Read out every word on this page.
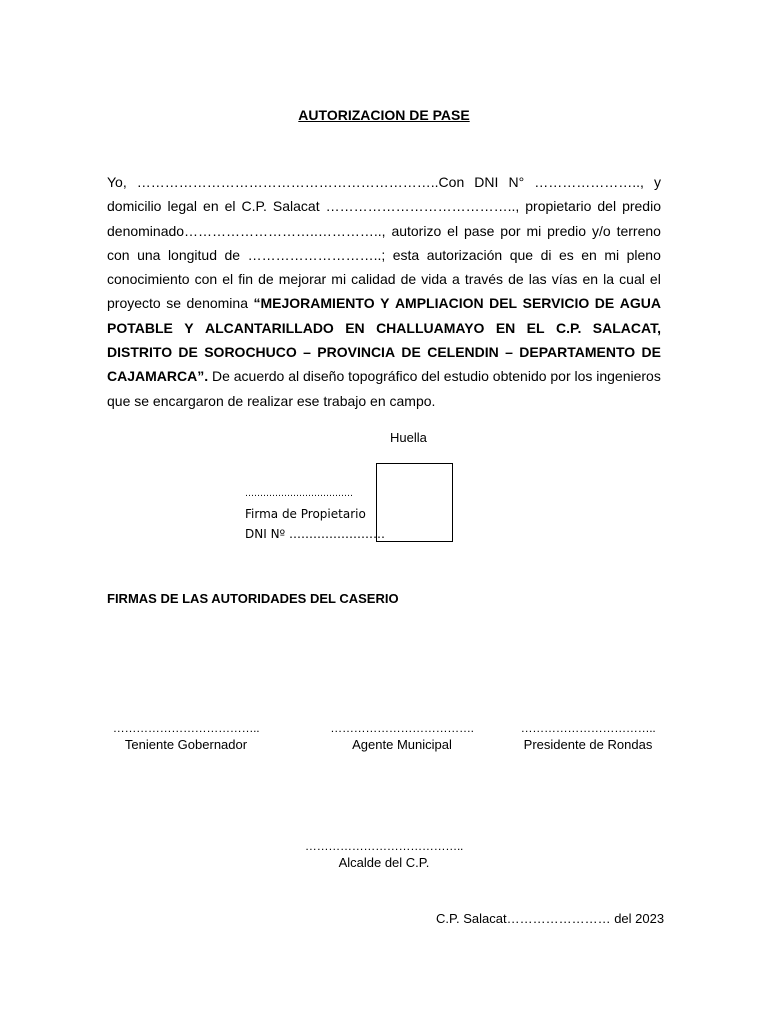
AUTORIZACION DE PASE
Yo, ………………………………………………………..Con DNI N° ………………….., y
domicilio legal en el C.P. Salacat ………………………………….., propietario del predio
denominado………………………..………….., autorizo el pase por mi predio y/o terreno
con una longitud de ………………………..; esta autorización que di es en mi pleno
conocimiento con el fin de mejorar mi calidad de vida a través de las vías en la cual el
proyecto se denomina “MEJORAMIENTO Y AMPLIACION DEL SERVICIO DE AGUA
POTABLE Y ALCANTARILLADO EN CHALLUAMAYO EN EL C.P. SALACAT,
DISTRITO DE SOROCHUCO – PROVINCIA DE CELENDIN – DEPARTAMENTO DE
CAJAMARCA”. De acuerdo al diseño topográfico del estudio obtenido por los ingenieros
que se encargaron de realizar ese trabajo en campo.
Huella
………………………………
Firma de Propietario
DNI Nº ……………………
FIRMAS DE LAS AUTORIDADES DEL CASERIO
………………………………..
Teniente Gobernador
……………………………….
Agente Municipal
……………………………..
Presidente de Rondas
…………………………………..
Alcalde del C.P.
C.P. Salacat…………………… del 2023
